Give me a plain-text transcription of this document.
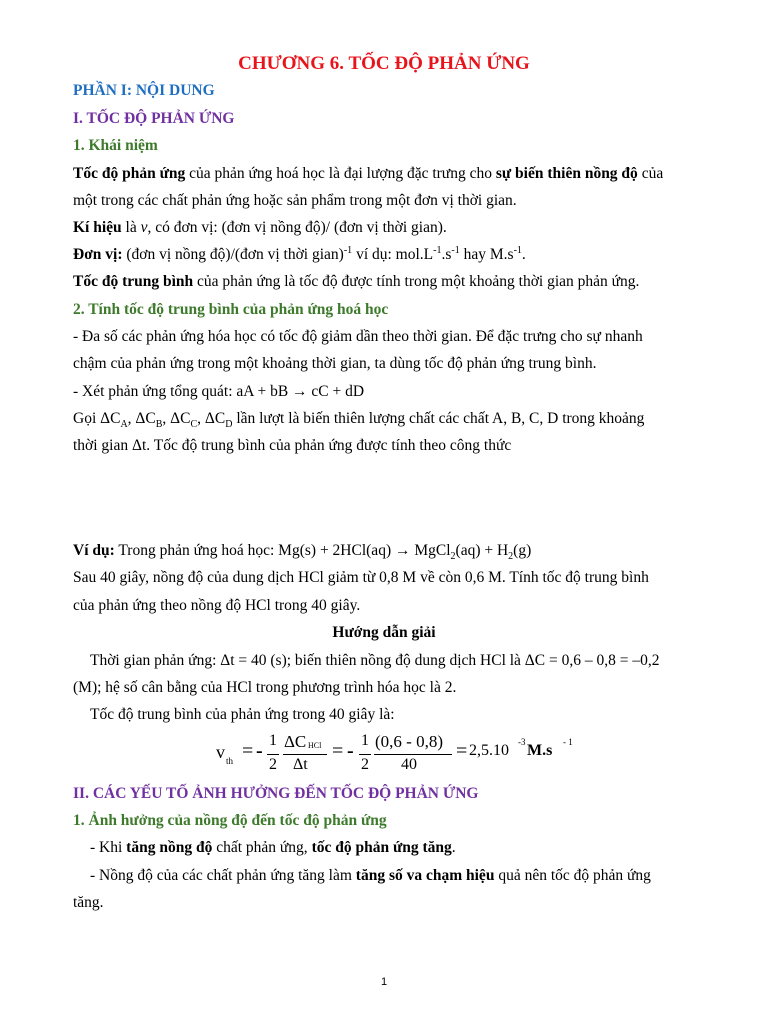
CHƯƠNG 6. TỐC ĐỘ PHẢN ỨNG
PHẦN I: NỘI DUNG
I. TỐC ĐỘ PHẢN ỨNG
1. Khái niệm
Tốc độ phản ứng của phản ứng hoá học là đại lượng đặc trưng cho sự biến thiên nồng độ của
một trong các chất phản ứng hoặc sản phẩm trong một đơn vị thời gian.
Kí hiệu là v, có đơn vị: (đơn vị nồng độ)/ (đơn vị thời gian).
Đơn vị: (đơn vị nồng độ)/(đơn vị thời gian)$^{-1}$ ví dụ: $mol.L^{-1}.s^{-1}$ hay $M.s^{-1}$.
Tốc độ trung bình của phản ứng là tốc độ được tính trong một khoảng thời gian phản ứng.
2. Tính tốc độ trung bình của phản ứng hoá học
- Đa số các phản ứng hóa học có tốc độ giảm dần theo thời gian. Để đặc trưng cho sự nhanh
chậm của phản ứng trong một khoảng thời gian, ta dùng tốc độ phản ứng trung bình.
- Xét phản ứng tổng quát: aA + bB → cC + dD
Gọi $\Delta C_A$, $\Delta C_B$, $\Delta C_C$, $\Delta C_D$ lần lượt là biến thiên lượng chất các chất A, B, C, D trong khoảng
thời gian Δt. Tốc độ trung bình của phản ứng được tính theo công thức
Ví dụ: Trong phản ứng hoá học: Mg(s) + 2HCl(aq) → MgCl$_2$(aq) + $H_2(g)$
Sau 40 giây, nồng độ của dung dịch HCl giảm từ 0,8 M về còn 0,6 M. Tính tốc độ trung bình
của phản ứng theo nồng độ HCl trong 40 giây.
Hướng dẫn giải
Thời gian phản ứng: Δt = 40 (s); biến thiên nồng độ dung dịch HCl là ΔC = 0,6 – 0,8 = –0,2
(M); hệ số cân bằng của HCl trong phương trình hóa học là 2.
Tốc độ trung bình của phản ứng trong 40 giây là:
v th = - 1
2
ΔC HCl
Δt
= - 1
2
(0,6 - 0,8)
40
= 2,5.10 -3 M.s - 1
II. CÁC YẾU TỐ ẢNH HƯỞNG ĐẾN TỐC ĐỘ PHẢN ỨNG
1. Ảnh hưởng của nồng độ đến tốc độ phản ứng
- Khi tăng nồng độ chất phản ứng, tốc độ phản ứng tăng.
- Nồng độ của các chất phản ứng tăng làm tăng số va chạm hiệu quả nên tốc độ phản ứng
tăng.
1
